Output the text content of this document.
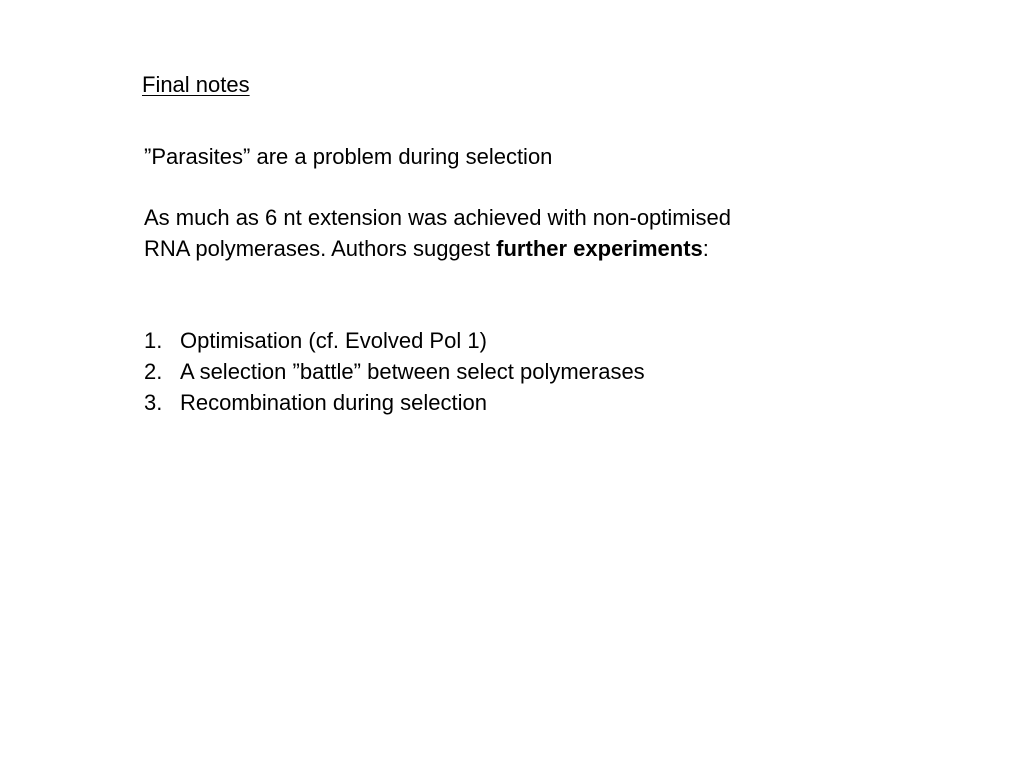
Final notes
”Parasites” are a problem during selection
As much as 6 nt extension was achieved with non-optimised RNA polymerases. Authors suggest further experiments:
1. Optimisation (cf. Evolved Pol 1)
2. A selection ”battle” between select polymerases
3. Recombination during selection
